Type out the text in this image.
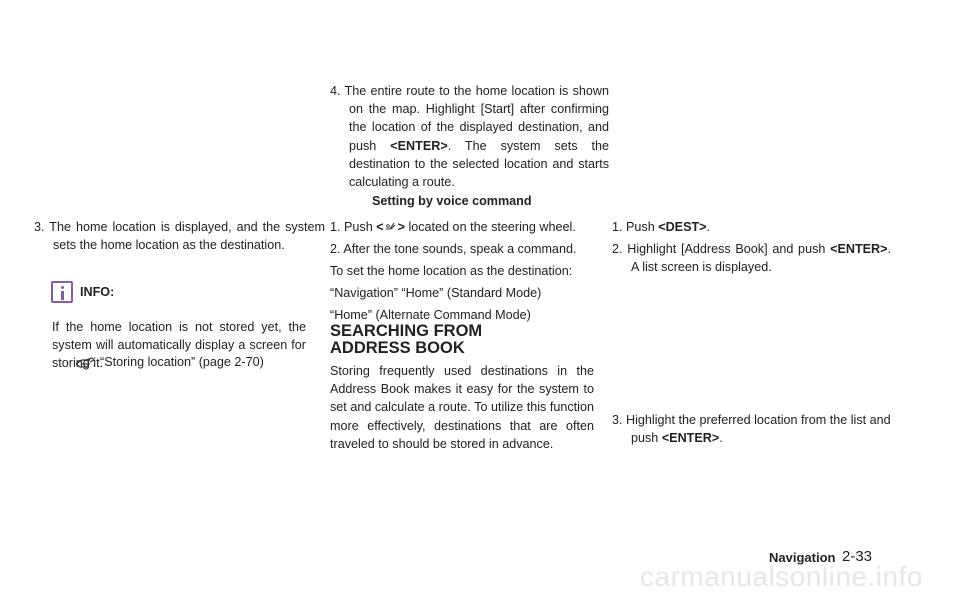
3. The home location is displayed, and the system sets the home location as the destination.
INFO:
If the home location is not stored yet, the system will automatically display a screen for storing it.
“Storing location” (page 2-70)
4. The entire route to the home location is shown on the map. Highlight [Start] after confirming the location of the displayed destination, and push <ENTER>. The system sets the destination to the selected location and starts calculating a route.
Setting by voice command
1. Push < > located on the steering wheel.
2. After the tone sounds, speak a command.
To set the home location as the destination:
“Navigation” “Home” (Standard Mode)
“Home” (Alternate Command Mode)
SEARCHING FROM ADDRESS BOOK
Storing frequently used destinations in the Address Book makes it easy for the system to set and calculate a route. To utilize this function more effectively, destinations that are often traveled to should be stored in advance.
1. Push <DEST>.
2. Highlight [Address Book] and push <ENTER>. A list screen is displayed.
3. Highlight the preferred location from the list and push <ENTER>.
Navigation 2-33
carmanualsonline.info
